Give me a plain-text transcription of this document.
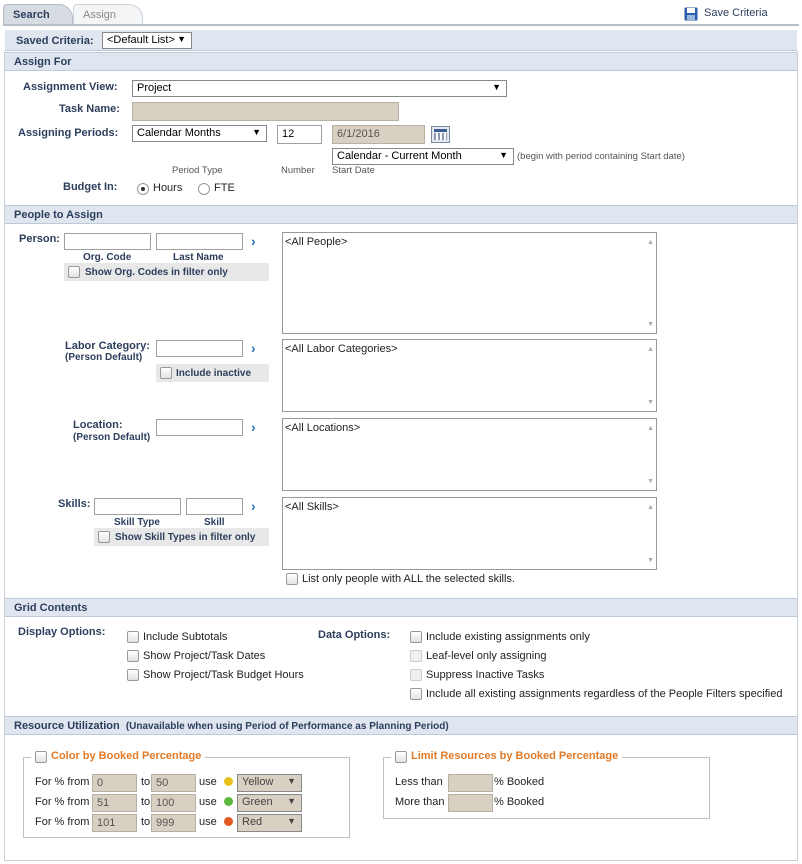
Search	Assign	Save Criteria
Saved Criteria:	<Default List> ▼
Assign For
Assignment View:	Project	▼
Task Name:
Assigning Periods:	Calendar Months	▼	12	6/1/2016
Calendar - Current Month	▼ (begin with period containing Start date)
Period Type	Number Start Date
Budget In:	Hours	FTE
People to Assign
Person:	›
Org. Code	Last Name
Show Org. Codes in filter only
<All People>	▲
▼
Labor Category:
(Person Default)
›
Include inactive
<All Labor Categories>	▲
▼
Location:
(Person Default)
›	<All Locations>	▲
▼
Skills:	›
Skill Type	Skill
Show Skill Types in filter only
<All Skills>	▲
▼
List only people with ALL the selected skills.
Grid Contents
Display Options:	Include Subtotals
Show Project/Task Dates
Show Project/Task Budget Hours
Data Options:	Include existing assignments only
Leaf-level only assigning
Suppress Inactive Tasks
Include all existing assignments regardless of the People Filters specified
Resource Utilization (Unavailable when using Period of Performance as Planning Period)
Color by Booked Percentage
For % from 0	to 50	use	Yellow ▼
For % from 51	to 100	use	Green ▼
For % from 101	to 999	use	Red	▼
Limit Resources by Booked Percentage
Less than	% Booked
More than	% Booked
